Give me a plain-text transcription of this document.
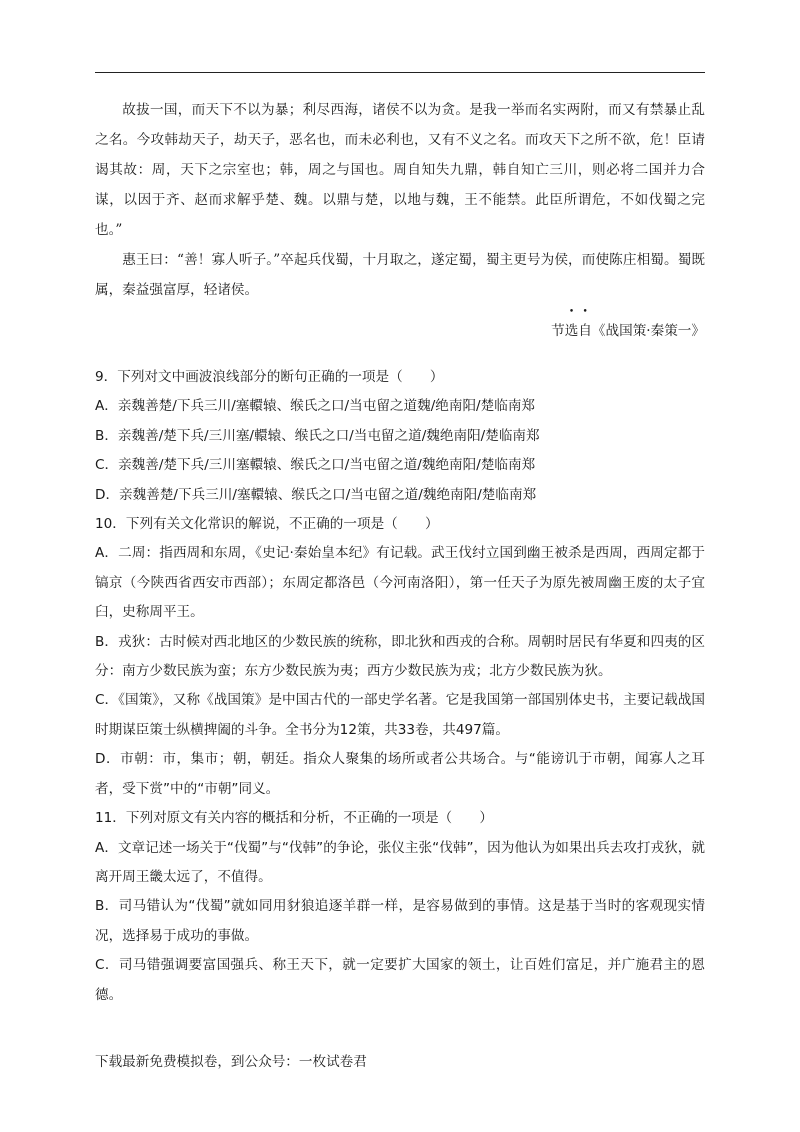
故拔一国，而天下不以为暴；利尽西海，诸侯不以为贪。是我一举而名实两附，而又有禁暴止乱之名。今攻韩劫天子，劫天子，恶名也，而未必利也，又有不义之名。而攻天下之所不欲，危！臣请谒其故：周，天下之宗室也；韩，周之与国也。周自知失九鼎，韩自知亡三川，则必将二国并力合谋，以因于齐、赵而求解乎楚、魏。以鼎与楚，以地与魏，王不能禁。此臣所谓危，不如伐蜀之完也。”

惠王曰：“善！寡人听子。”卒起兵伐蜀，十月取之，遂定蜀，蜀主更号为侯，而使陈庄相蜀。蜀既属，秦益强富厚，轻诸侯。

节选自《战国策·秦策一》

9．下列对文中画波浪线部分的断句正确的一项是（　　）

A．亲魏善楚/下兵三川/塞轘辕、缑氏之口/当屯留之道魏/绝南阳/楚临南郑

B．亲魏善/楚下兵/三川塞/轘辕、缑氏之口/当屯留之道/魏绝南阳/楚临南郑

C．亲魏善/楚下兵/三川塞轘辕、缑氏之口/当屯留之道/魏绝南阳/楚临南郑

D．亲魏善楚/下兵三川/塞轘辕、缑氏之口/当屯留之道/魏绝南阳/楚临南郑

10．下列有关文化常识的解说，不正确的一项是（　　）

A．二周：指西周和东周，《史记·秦始皇本纪》有记载。武王伐纣立国到幽王被杀是西周，西周定都于镐京（今陕西省西安市西部）；东周定都洛邑（今河南洛阳），第一任天子为原先被周幽王废的太子宜臼，史称周平王。

B．戎狄：古时候对西北地区的少数民族的统称，即北狄和西戎的合称。周朝时居民有华夏和四夷的区分：南方少数民族为蛮；东方少数民族为夷；西方少数民族为戎；北方少数民族为狄。

C．《国策》，又称《战国策》是中国古代的一部史学名著。它是我国第一部国别体史书，主要记载战国时期谋臣策士纵横捭阖的斗争。全书分为12策，共33卷，共497篇。

D．市朝：市，集市；朝，朝廷。指众人聚集的场所或者公共场合。与“能谤讥于市朝，闻寡人之耳者，受下赏”中的“市朝”同义。

11．下列对原文有关内容的概括和分析，不正确的一项是（　　）

A．文章记述一场关于“伐蜀”与“伐韩”的争论，张仪主张“伐韩”，因为他认为如果出兵去攻打戎狄，就离开周王畿太远了，不值得。

B．司马错认为“伐蜀”就如同用豺狼追逐羊群一样，是容易做到的事情。这是基于当时的客观现实情况，选择易于成功的事做。

C．司马错强调要富国强兵、称王天下，就一定要扩大国家的领土，让百姓们富足，并广施君主的恩德。

下载最新免费模拟卷，到公众号：一枚试卷君
